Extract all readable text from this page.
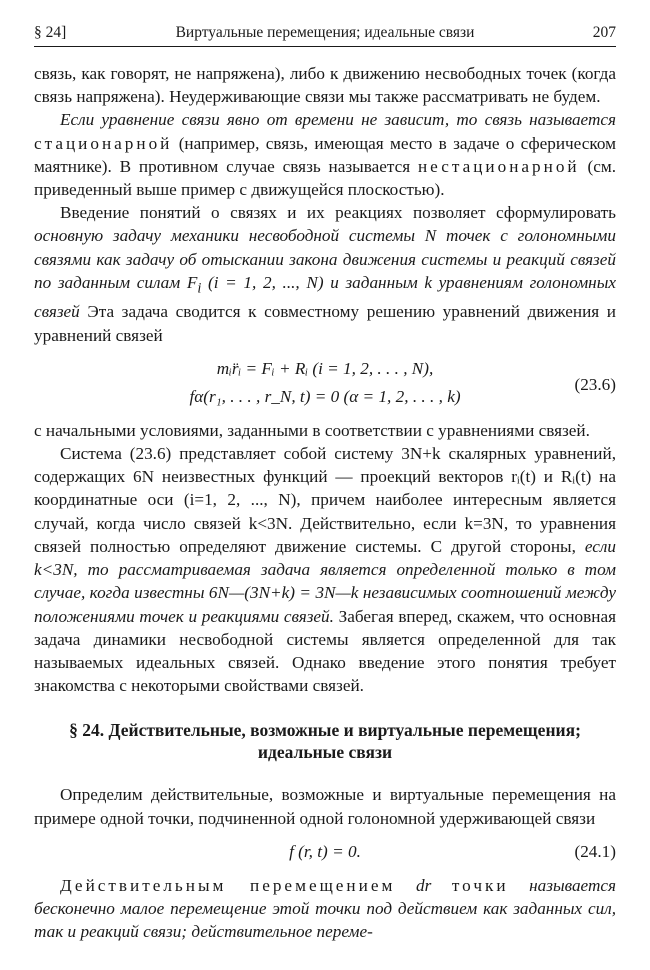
§ 24]	Виртуальные перемещения; идеальные связи	207

связь, как говорят, не напряжена), либо к движению несвободных точек (когда связь напряжена). Неудерживающие связи мы также рассматривать не будем.

Если уравнение связи явно от времени не зависит, то связь называется стационарной (например, связь, имеющая место в задаче о сферическом маятнике). В противном случае связь называется нестационарной (см. приведенный выше пример с движущейся плоскостью).

Введение понятий о связях и их реакциях позволяет сформулировать основную задачу механики несвободной системы N точек с голономными связями как задачу об отыскании закона движения системы и реакций связей по заданным силам $F_i$ (i = 1, 2, ..., N) и заданным k уравнениям голономных связей Эта задача сводится к совместному решению уравнений движения и уравнений связей

mᵢr̈ᵢ = Fᵢ + Rᵢ (i = 1, 2, . . . , N),
fα(r₁, . . . , r_N, t) = 0 (α = 1, 2, . . . , k)
(23.6)

с начальными условиями, заданными в соответствии с уравнениями связей.

Система (23.6) представляет собой систему 3N+k скалярных уравнений, содержащих 6N неизвестных функций — проекций векторов rᵢ(t) и Rᵢ(t) на координатные оси (i=1, 2, ..., N), причем наиболее интересным является случай, когда число связей k<3N. Действительно, если k=3N, то уравнения связей полностью определяют движение системы. С другой стороны, если k<3N, то рассматриваемая задача является определенной только в том случае, когда известны 6N—(3N+k) = 3N—k независимых соотношений между положениями точек и реакциями связей. Забегая вперед, скажем, что основная задача динамики несвободной системы является определенной для так называемых идеальных связей. Однако введение этого понятия требует знакомства с некоторыми свойствами связей.

§ 24. Действительные, возможные и виртуальные перемещения;
идеальные связи

Определим действительные, возможные и виртуальные перемещения на примере одной точки, подчиненной одной голономной удерживающей связи

f (r, t) = 0.	(24.1)

Действительным перемещением dr точки называется бесконечно малое перемещение этой точки под действием как заданных сил, так и реакций связи; действительное переме-
